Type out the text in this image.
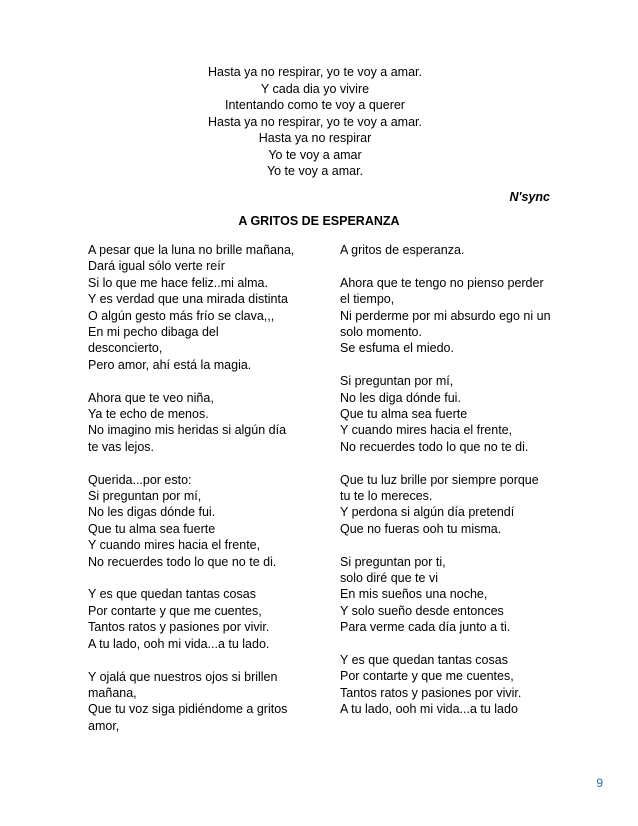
Hasta ya no respirar, yo te voy a amar.
Y cada dia yo vivire
Intentando como te voy a querer
Hasta ya no respirar, yo te voy a amar.
Hasta ya no respirar
Yo te voy a amar
Yo te voy a amar.
N'sync
A GRITOS DE ESPERANZA
A pesar que la luna no brille mañana,
Dará igual sólo verte reír
Si lo que me hace feliz..mi alma.
Y es verdad que una mirada distinta
O algún gesto más frío se clava,,,
En mi pecho dibaga del
desconcierto,
Pero amor, ahí está la magia.
Ahora que te veo niña,
Ya te echo de menos.
No imagino mis heridas si algún día
te vas lejos.
Querida...por esto:
Si preguntan por mí,
No les digas dónde fui.
Que tu alma sea fuerte
Y cuando mires hacia el frente,
No recuerdes todo lo que no te di.
Y es que quedan tantas cosas
Por contarte y que me cuentes,
Tantos ratos y pasiones por vivir.
A tu lado, ooh mi vida...a tu lado.
Y ojalá que nuestros ojos si brillen
mañana,
Que tu voz siga pidiéndome a gritos
amor,
A gritos de esperanza.
Ahora que te tengo no pienso perder
el tiempo,
Ni perderme por mi absurdo ego ni un
solo momento.
Se esfuma el miedo.
Si preguntan por mí,
No les diga dónde fui.
Que tu alma sea fuerte
Y cuando mires hacia el frente,
No recuerdes todo lo que no te di.
Que tu luz brille por siempre porque
tu te lo mereces.
Y perdona si algún día pretendí
Que no fueras ooh tu misma.
Si preguntan por ti,
solo diré que te vi
En mis sueños una noche,
Y solo sueño desde entonces
Para verme cada día junto a ti.
Y es que quedan tantas cosas
Por contarte y que me cuentes,
Tantos ratos y pasiones por vivir.
A tu lado, ooh mi vida...a tu lado
9
